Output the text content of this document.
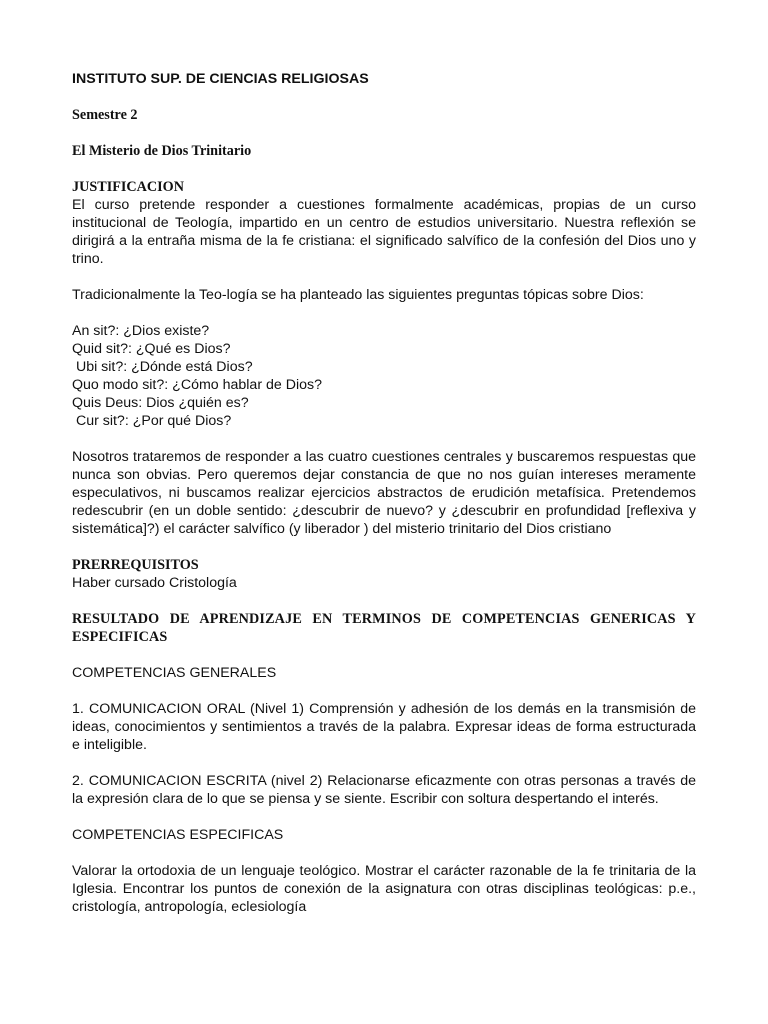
INSTITUTO SUP. DE CIENCIAS RELIGIOSAS
Semestre 2
El Misterio de Dios Trinitario
JUSTIFICACION

El curso pretende responder a cuestiones formalmente académicas, propias de un curso institucional de Teología, impartido en un centro de estudios universitario. Nuestra reflexión se dirigirá a la entraña misma de la fe cristiana: el significado salvífico de la confesión del Dios uno y trino.

Tradicionalmente la Teo-logía se ha planteado las siguientes preguntas tópicas sobre Dios:

An sit?: ¿Dios existe?
Quid sit?: ¿Qué es Dios?
Ubi sit?: ¿Dónde está Dios?
Quo modo sit?: ¿Cómo hablar de Dios?
Quis Deus: Dios ¿quién es?
Cur sit?: ¿Por qué Dios?

Nosotros trataremos de responder a las cuatro cuestiones centrales y buscaremos respuestas que nunca son obvias. Pero queremos dejar constancia de que no nos guían intereses meramente especulativos, ni buscamos realizar ejercicios abstractos de erudición metafísica. Pretendemos redescubrir (en un doble sentido: ¿descubrir de nuevo? y ¿descubrir en profundidad [reflexiva y sistemática]?) el carácter salvífico (y liberador ) del misterio trinitario del Dios cristiano

PRERREQUISITOS

Haber cursado Cristología

RESULTADO DE APRENDIZAJE EN TERMINOS DE COMPETENCIAS GENERICAS Y ESPECIFICAS

COMPETENCIAS GENERALES

1. COMUNICACION ORAL (Nivel 1) Comprensión y adhesión de los demás en la transmisión de ideas, conocimientos y sentimientos a través de la palabra. Expresar ideas de forma estructurada e inteligible.

2. COMUNICACION ESCRITA (nivel 2) Relacionarse eficazmente con otras personas a través de la expresión clara de lo que se piensa y se siente. Escribir con soltura despertando el interés.

COMPETENCIAS ESPECIFICAS

Valorar la ortodoxia de un lenguaje teológico. Mostrar el carácter razonable de la fe trinitaria de la Iglesia. Encontrar los puntos de conexión de la asignatura con otras disciplinas teológicas: p.e., cristología, antropología, eclesiología
